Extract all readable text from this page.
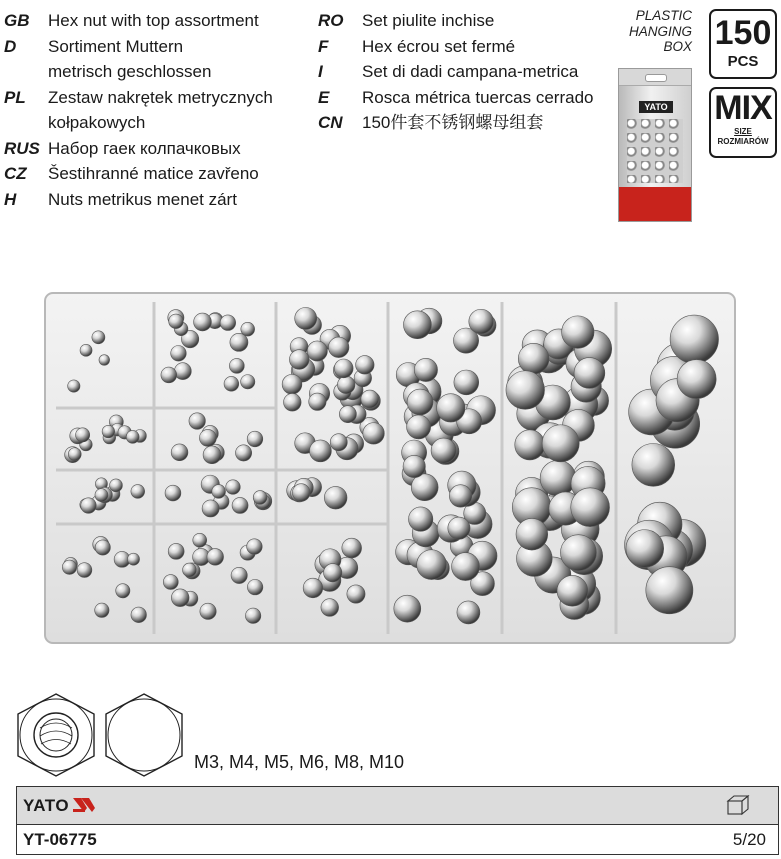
GB	Hex nut with top assortment
D	Sortiment Muttern
metrisch geschlossen
PL	Zestaw nakrętek metrycznych
kołpakowych
RUS Набор гаек колпачковых
CZ	Šestihranné matice zavřeno
H	Nuts metrikus menet zárt
RO	Set piulite inchise
F	Hex écrou set fermé
I	Set di dadi campana-metrica
E	Rosca métrica tuercas cerrado
CN	150件套不锈钢螺母组套
PLASTIC
HANGING
BOX
YATO
150
PCS
MIX
SIZE
ROZMIARÓW
M3, M4, M5, M6, M8, M10
YATO
YT-06775	5/20
